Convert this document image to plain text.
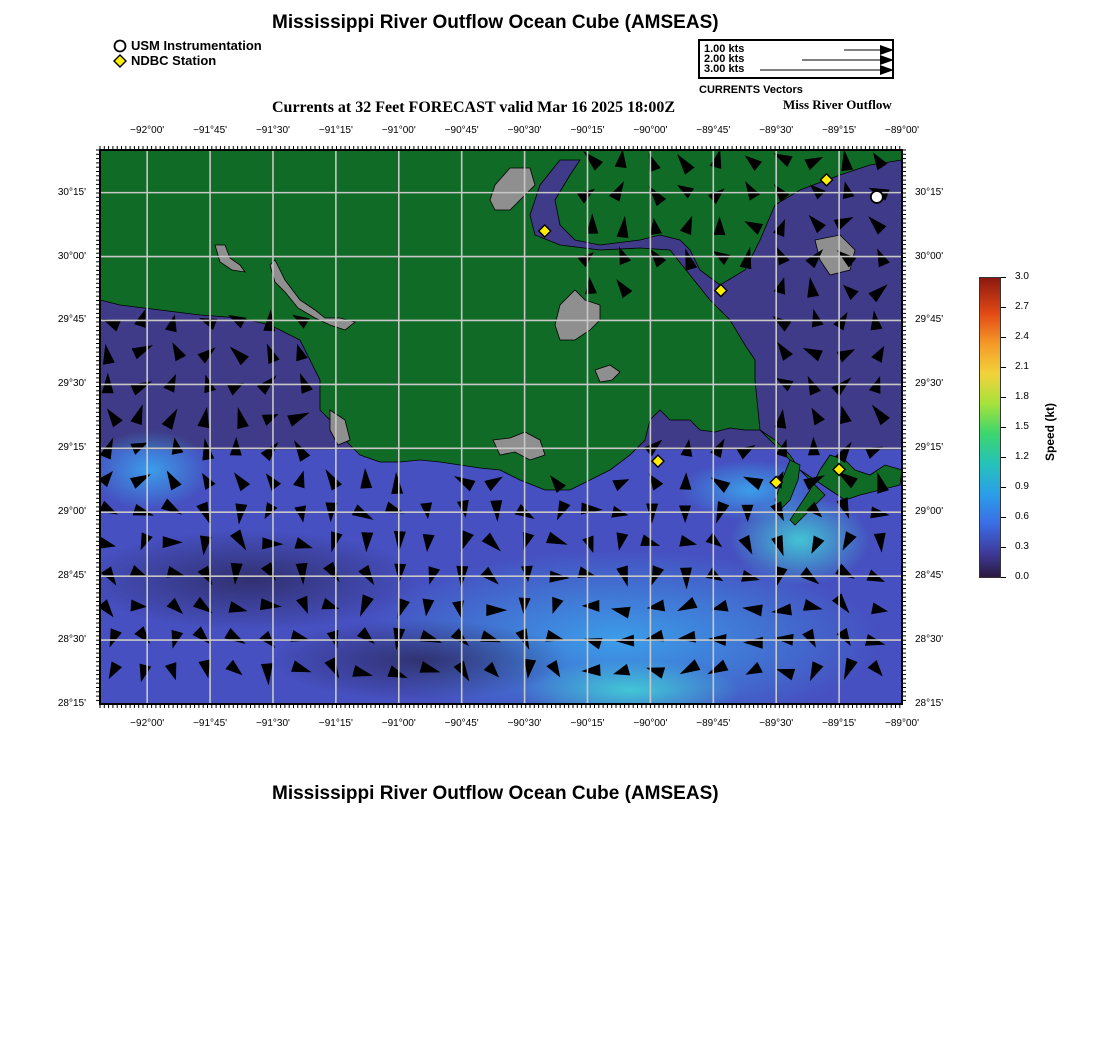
Mississippi River Outflow Ocean Cube (AMSEAS)
Currents at 32 Feet FORECAST valid Mar 16 2025 18:00Z	Miss River Outflow
Mississippi River Outflow Ocean Cube (AMSEAS)
USM Instrumentation
NDBC Station
1.00 kts
2.00 kts
3.00 kts
CURRENTS Vectors
−92°00'	−91°45'	−91°30'	−91°15'	−91°00'	−90°45'	−90°30'	−90°15'	−90°00'	−89°45'	−89°30'	−89°15'	−89°00'
−92°00'	−91°45'	−91°30'	−91°15'	−91°00'	−90°45'	−90°30'	−90°15'	−90°00'	−89°45'	−89°30'	−89°15'	−89°00'
30°15'
30°00'
29°45'
29°30'
29°15'
29°00'
28°45'
28°30'
28°15'
30°15'
30°00'
29°45'
29°30'
29°15'
29°00'
28°45'
28°30'
28°15'
3.0
2.7
2.4
2.1
1.8
1.5
1.2
0.9
0.6
0.3
0.0
Speed (kt)
